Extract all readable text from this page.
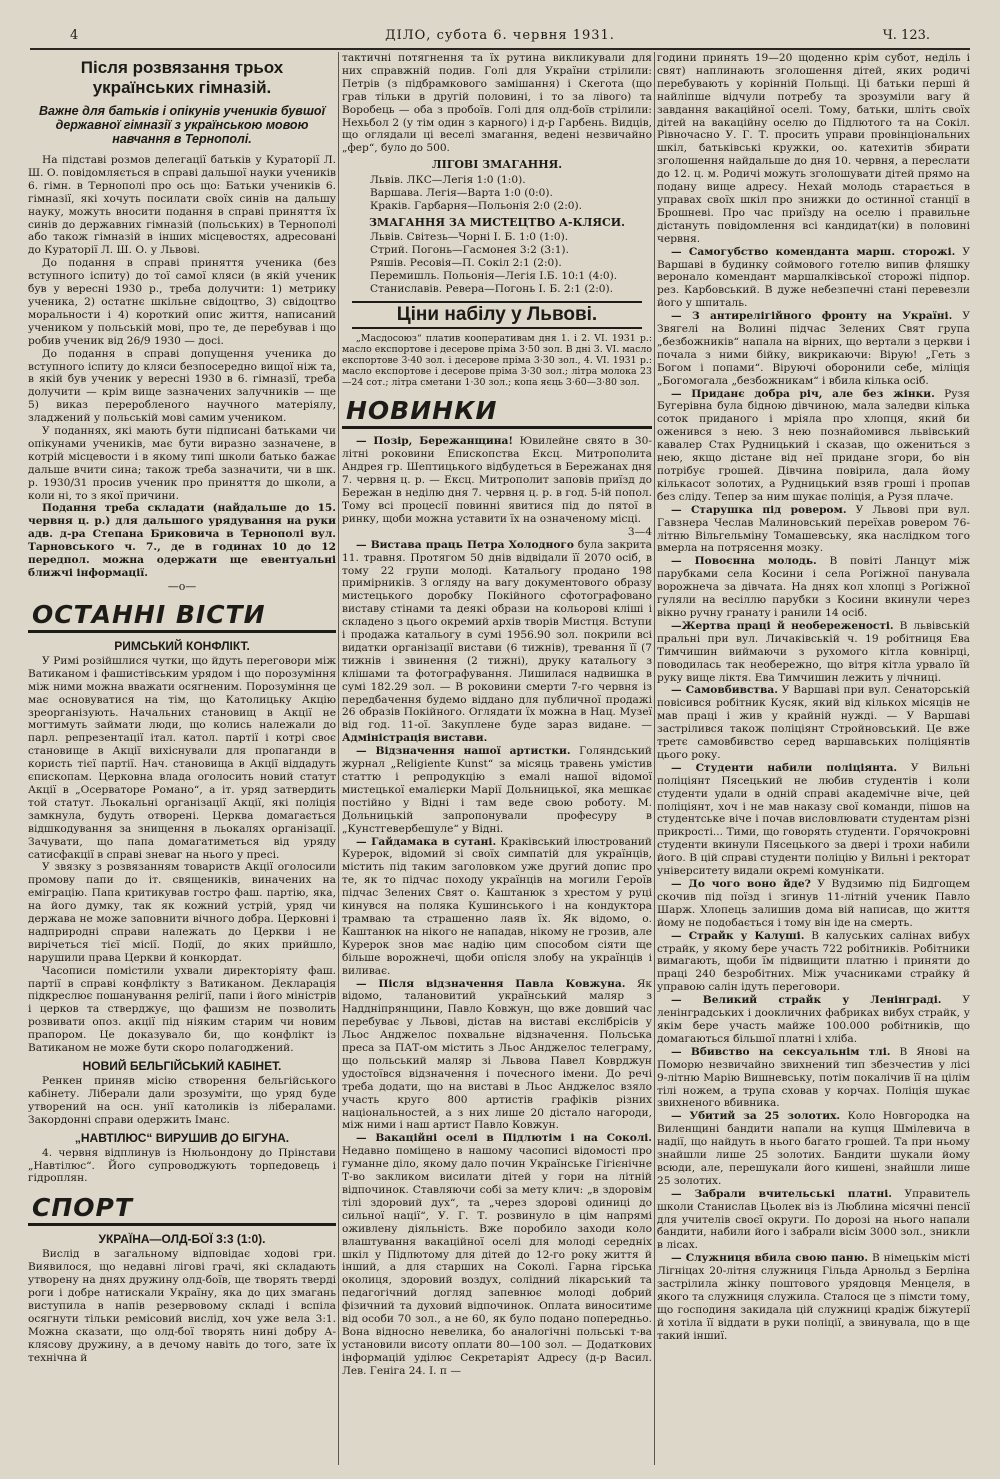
4	ДІЛО, субота 6. червня 1931.	Ч. 123.
Після розвязання трьох українських гімназій.
Важне для батьків і опікунів учеників бувшої державної гімназії з українською мовою навчання в Тернополі.

На підставі розмов делегації батьків у Кураторії Л. Ш. О. повідомляється в справі дальшої науки учеників 6. гімн. в Тернополі про ось що: Батьки учеників 6. гімназії, які хочуть посилати своїх синів на дальшу науку, можуть вносити подання в справі приняття їх синів до державних гімназій (польських) в Тернополі або також гімназій в інших місцевостях, адресовані до Кураторії Л. Ш. О. у Львові.

До подання в справі приняття ученика (без вступного іспиту) до тої самої кляси (в якій ученик був у вересні 1930 р., треба долучити: 1) метрику ученика, 2) остатнє шкільне свідоцтво, 3) свідоцтво моральности і 4) короткий опис життя, написаний учеником у польській мові, про те, де перебував і що робив ученик від 26/9 1930 — досі.

До подання в справі допущення ученика до вступного іспиту до кляси безпосередно вищої ніж та, в якій був ученик у вересні 1930 в 6. гімназії, треба долучити — крім вище зазначених залучників — ще 5) виказ переробленого научного матеріялу, зладжений у польській мові самим учеником.

У поданнях, які мають бути підписані батьками чи опікунами учеників, має бути виразно зазначене, в котрій місцевости і в якому типі школи батько бажає дальше вчити сина; також треба зазначити, чи в шк. р. 1930/31 просив ученик про приняття до школи, а коли ні, то з якої причини.

Подання треба складати (найдальше до 15. червня ц. р.) для дальшого урядування на руки адв. д-ра Степана Бриковича в Тернополі вул. Тарновського ч. 7., де в годинах 10 до 12 передпол. можна одержати ще евентуальні ближчі інформації.

—o—
ОСТАННІ ВІСТИ
РИМСЬКИЙ КОНФЛІКТ.

У Римі розійшлися чутки, що йдуть переговори між Ватиканом і фашистівським урядом і що порозуміння між ними можна вважати осягненим. Порозуміння це має основуватися на тім, що Католицьку Акцію зреорганізують. Начальних становищ в Акції не могтимуть займати люди, що колись належали до парл. репрезентації італ. катол. партії і котрі своє становище в Акції вихіснували для пропаганди в користь тієї партії. Нач. становища в Акції віддадуть єпископам. Церковна влада оголосить новий статут Акції в „Осерваторе Романо“, а іт. уряд затвердить той статут. Льокальні організації Акції, які поліція замкнула, будуть отворені. Церква домагається відшкодування за знищення в льокалях організації. Зачувати, що папа домагатиметься від уряду сатисфакції в справі зневаг на нього у пресі.

У звязку з розвязанням товариств Акції оголосили промову папи до іт. священиків, виначених на еміграцію. Папа критикував гостро фаш. партію, яка, на його думку, так як кожний устрій, уряд чи держава не може заповнити вічного добра. Церковні і надприродні справи належать до Церкви і не вирічеться тієї місії. Події, до яких прийшло, нарушили права Церкви й конкордат.

Часописи помістили ухвали директоріяту фаш. партії в справі конфлікту з Ватиканом. Декларація підкреслює пошанування релігії, папи і його міністрів і церков та стверджує, що фашизм не позволить розвивати опоз. акції під ніяким старим чи новим прапором. Це доказувало би, що конфлікт із Ватиканом не може бути скоро полагоджений.

НОВИЙ БЕЛЬГІЙСЬКИЙ КАБІНЕТ.

Ренкен приняв місію створення бельгійського кабінету. Ліберали дали зрозуміти, що уряд буде утворений на осн. унії католиків із лібералами. Закордонні справи одержить Іманс.

„НАВТІЛЮС“ ВИРУШИВ ДО БІГУНА.

4. червня відплинув із Нюльондону до Прінстави „Навтілюс“. Його супроводжують торпедовець і гідроплян.

СПОРТ
УКРАЇНА—ОЛД-БОЇ 3:3 (1:0).

Вислід в загальному відповідає ходові гри. Виявилося, що недавні лігові грачі, які складають утворену на днях дружину олд-боїв, ще творять тверді роги і добре натискали Україну, яка до цих змагань виступила в напів резервовому складі і вспіла осягнути тільки ремісовий вислід, хоч уже вела 3:1. Можна сказати, що олд-бої творять нині добру А-клясову дружину, а в дечому навіть до того, зате їх технічна й

тактичні потягнення та їх рутина викликували для них справжній подив. Голі для України стрілили: Петрів (з підбрамкового замішання) і Скегота (що грав тільки в другій половині, і то за лівого) та Воробець — оба з пробоїв. Голі для олд-боїв стрілили: Нехьбол 2 (у тім один з карного) і д-р Гарбень. Видців, що оглядали ці веселі змагання, ведені незвичайно „фер“, було до 500.

ЛІГОВІ ЗМАГАННЯ.
Львів. ЛКС—Легія 1:0 (1:0).
Варшава. Легія—Варта 1:0 (0:0).
Краків. Гарбарня—Польонія 2:0 (2:0).
ЗМАГАННЯ ЗА МИСТЕЦТВО А-КЛЯСИ.
Львів. Світезь—Чорні І. Б. 1:0 (1:0).
Стрий. Погонь—Гасмонея 3:2 (3:1).
Ряшів. Ресовія—П. Сокіл 2:1 (2:0).
Перемишль. Польонія—Легія І.Б. 10:1 (4:0).
Станиславів. Ревера—Погонь І. Б. 2:1 (2:0).
Ціни набілу у Львові.

„Масдосоюз“ платив кооперативам дня 1. і 2. VI. 1931 р.: масло експортове і десерове пріма 3·50 зол. В дні 3. VI. масло експортове 3·40 зол. і десерове пріма 3·30 зол., 4. VI. 1931 р.: масло експортове і десерове пріма 3·30 зол.; літра молока 23—24 сот.; літра сметани 1·30 зол.; копа яєць 3·60—3·80 зол.

НОВИНКИ

— Позір, Бережанщина! Ювилейне свято в 30-літні роковини Епископства Ексц. Митрополита Андрея гр. Шептицького відбудеться в Бережанах дня 7. червня ц. р. — Ексц. Митрополит заповів приїзд до Бережан в неділю дня 7. червня ц. р. в год. 5-ій попол. Тому всі процесії повинні явитися під до пятої в ринку, щоби можна уставити їх на означеному місці.

3—4

— Вистава праць Петра Холодного була закрита 11. травня. Протягом 50 днів відвідали її 2070 осіб, в тому 22 групи молоді. Катальогу продано 198 примірників. З огляду на вагу документового образу мистецького доробку Покійного сфотографовано виставу стінами та деякі образи на кольорові кліші і складено з цього окремий архів творів Мистця. Вступи і продажа катальогу в сумі 1956.90 зол. покрили всі видатки організації вистави (6 тижнів), тревання її (7 тижнів і звинення (2 тижні), друку катальогу з клішами та фотографування. Лишилася надвишка в сумі 182.29 зол. — В роковини смерти 7-го червня із передбачення будемо віддано для публичної продажі 26 образів Покійного. Оглядати їх можна в Нац. Музеї від год. 11-ої. Закуплене буде зараз видане. — Адміністрація вистави.

— Відзначення нашої артистки. Голяндський журнал „Religiente Kunst“ за місяць травень умістив статтю і репродукцію з емалі нашої відомої мистецької емалієрки Марії Дольницької, яка мешкає постійно у Відні і там веде свою роботу. М. Дольницькій запропонували професуру в „Кунстгевербешуле“ у Відні.

— Гайдамака в сутані. Краківський ілюстрований Курерок, відомий зі своїх симпатій для українців, містить під таким заголовком уже другий допис про те, як то підчас походу українців на могили Героїв підчас Зелених Свят о. Каштанюк з хрестом у руці кинувся на поляка Кушинського і на кондуктора трамваю та страшенно лаяв їх. Як відомо, о. Каштанюк на нікого не нападав, нікому не грозив, але Курерок знов має надію цим способом сіяти ще більше ворожнечі, щоби опісля злобу на українців і виливає.

— Після відзначення Павла Ковжуна. Як відомо, талановитий український маляр з Наддніпрянщини, Павло Ковжун, що вже довший час перебуває у Львові, дістав на виставі екслібрісів у Льос Анджелос похвальне відзначення. Польська преса за ПАТ-ом містить з Льос Анджелос телеграму, що польський маляр зі Львова Павел Коврджун удостоївся відзначення і почесного імени. До речі треба додати, що на виставі в Льос Анджелос взяло участь круго 800 артистів графіків різних національностей, а з них лише 20 дістало нагороди, між ними і наш артист Павло Ковжун.

— Вакаційні оселі в Підлютім і на Соколі. Недавно поміщено в нашому часописі відомості про гуманне діло, якому дало почин Українське Гігієнічне Т-во закликом висилати дітей у гори на літній відпочинок. Ставляючи собі за мету клич: „в здоровім тілі здоровий дух“, та „через здорові одиниці до сильної нації“, У. Г. Т. розвинуло в цім напрямі оживлену діяльність. Вже поробило заходи коло влаштування вакаційної оселі для молоді середніх шкіл у Підлютому для дітей до 12-го року життя й інший, а для старших на Соколі. Гарна гірська околиця, здоровий воздух, солідний лікарський та педагогічний догляд запевнює молоді добрий фізичний та духовий відпочинок. Оплата виноситиме від особи 70 зол., а не 60, як було подано попередньо. Вона відносно невелика, бо аналогічні польські т-ва установили висоту оплати 80—100 зол. — Додаткових інформацій уділює Секретаріят Адресу (д-р Васил. Лев. Геніга 24. І. п —

години принять 19—20 щоденно крім субот, неділь і свят) наплинають зголошення дітей, яких родичі перебувають у корінній Польщі. Ці батьки перші й найліпше відчули потребу та зрозуміли вагу й завдання вакаційної оселі. Тому, батьки, шліть своїх дітей на вакаційну оселю до Підлютого та на Сокіл. Рівночасно У. Г. Т. просить управи провінціональних шкіл, батьківські кружки, оо. катехитів збирати зголошення найдальше до дня 10. червня, а переслати до 12. ц. м. Родичі можуть зголошувати дітей прямо на подану вище адресу. Нехай молодь старається в управах своїх шкіл про знижки до остинної станції в Брошневі. Про час приїзду на оселю і правильне дістануть повідомлення всі кандидат(ки) в половині червня.

— Самогубство коменданта марш. сторожі. У Варшаві в будинку соймового готелю випив фляшку веронало комендант маршалківської сторожі підпор. рез. Карбовський. В дуже небезпечні стані перевезли його у шпиталь.

— З антирелігійного фронту на Україні. У Звягелі на Волині підчас Зелених Свят група „безбожників“ напала на вірних, що вертали з церкви і почала з ними бійку, викрикаючи: Вірую! „Геть з Богом і попами“. Віруючі оборонили себе, міліція „Богомогала „безбожникам“ і вбила кілька осіб.

— Приданє добра річ, але без жінки. Рузя Бугерівна була бідною дівчиною, мала заледви кілька соток приданого і мріяла про хлопця, який би оженився з нею. З нею познайомився львівський кавалер Стах Рудницький і сказав, що ожениться з нею, якщо дістане від неї придане згори, бо він потрібує грошей. Дівчина повірила, дала йому кількасот золотих, а Рудницький взяв гроші і пропав без сліду. Тепер за ним шукає поліція, а Рузя плаче.

— Старушка під ровером. У Львові при вул. Гавзнера Чеслав Малиновський переїхав ровером 76-літню Вільгельміну Томашевську, яка наслідком того вмерла на потрясення мозку.

— Повоєнна молодь. В повіті Ланцут між парубками села Косини і села Рогіжної панувала ворожнеча за дівчата. На днях кол хлопці з Рогіжної гуляли на весіллю парубки з Косини вкинули через вікно ручну гранату і ранили 14 осіб.

—Жертва праці й необереженості. В львівській пральні при вул. Личаківській ч. 19 робітниця Ева Тимчишин виймаючи з рухомого кітла ковнірці, поводилась так необережно, що вітря кітла урвало їй руку вище ліктя. Ева Тимчишин лежить у лічниці.

— Самовбивства. У Варшаві при вул. Сенаторській повісився робітник Кусяк, який від кількох місяців не мав праці і жив у крайній нужді. — У Варшаві застрілився також поліціянт Стройновський. Це вже третє самовбивство серед варшавських поліціянтів цього року.

— Студенти набили поліціянта. У Вильні поліціянт Пясецький не любив студентів і коли студенти удали в одній справі академічне віче, цей поліціянт, хоч і не мав наказу свої команди, пішов на студентське віче і почав висловлювати студентам різні прикрості... Тими, що говорять студенти. Горячокровні студенти вкинули Пясецького за двері і трохи набили його. В цій справі студенти поліцію у Вильні і ректорат університету видали окремі комунікати.

— До чого воно йде? У Вудзимю під Бидгощем скочив під поїзд і згинув 11-літній ученик Павло Шарж. Хлопець залишив дома вій написав, що життя йому не подобається і тому він іде на смерть.

— Страйк у Калуші. В калуських салінах вибух страйк, у якому бере участь 722 робітників. Робітники вимагають, щоби їм підвищити платню і приняти до праці 240 безробітних. Між учасниками страйку й управою салін ідуть переговори.

— Великий страйк у Ленінграді. У ленінградських і доокличних фабриках вибух страйк, у якім бере участь майже 100.000 робітників, що домагаються більшої платні і хліба.

— Вбивство на сексуальнім тлі. В Янові на Поморю незвичайно звихнений тип збезчестив у лісі 9-літню Марію Вишневську, потім покалічив її на цілім тілі ножем, а трупа сховав у корчах. Поліція шукає звихненого вбивника.

— Убитий за 25 золотих. Коло Новгородка на Виленщині бандити напали на купця Шмілевича в надії, що найдуть в нього багато грошей. Та при ньому знайшли лише 25 золотих. Бандити шукали йому всюди, але, перешукали його кишені, знайшли лише 25 золотих.

— Забрали вчительські платні. Управитель школи Станислав Цьолек віз із Люблина місячні пенсії для учителів своєї округи. По дорозі на нього напали бандити, набили його і забрали вісім 3000 зол., зникли в лісах.

— Служниця вбила свою паню. В німецькім місті Лігніцах 20-літня служниця Гільда Арнольд з Берліна застрілила жінку поштового урядовця Менцеля, в якого та служниця служила. Сталося це з пімсти тому, що господиня закидала цій служниці крадіж біжутерії й хотіла її віддати в руки поліції, а звинувала, що в ще такий іншиї.
